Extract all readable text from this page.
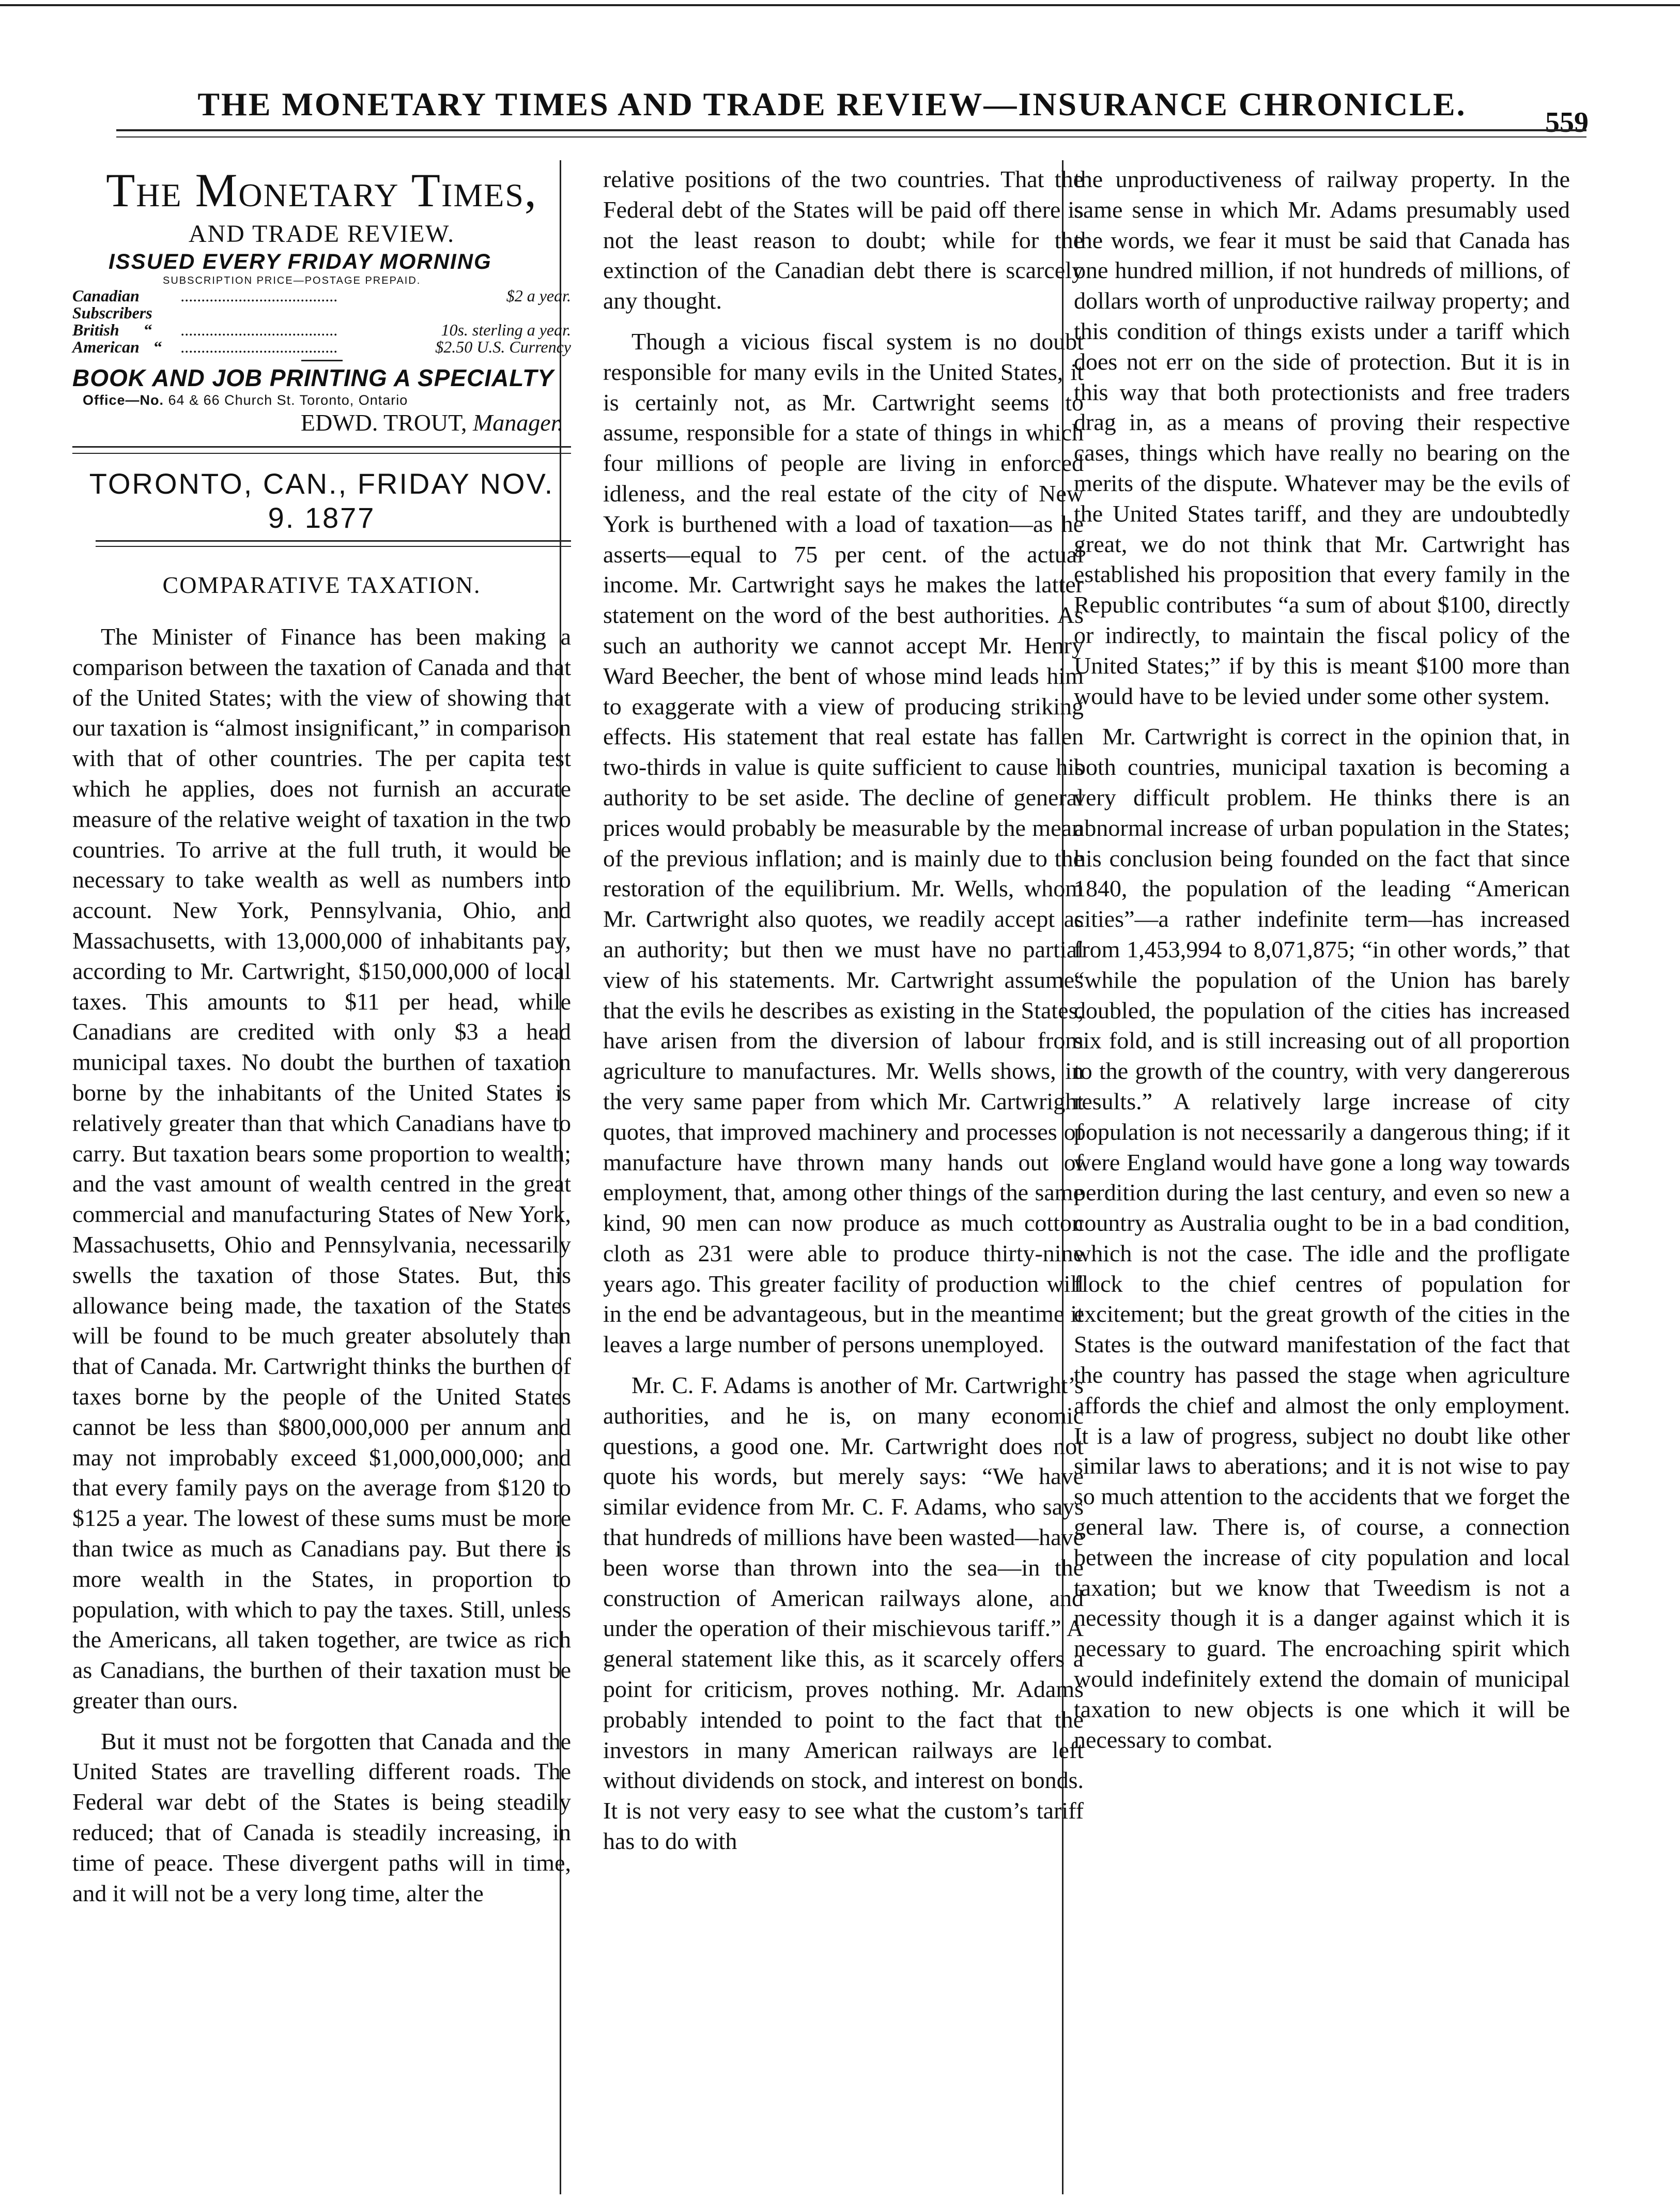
THE MONETARY TIMES AND TRADE REVIEW—INSURANCE CHRONICLE.	559
The Monetary Times,
AND TRADE REVIEW.
ISSUED EVERY FRIDAY MORNING
SUBSCRIPTION PRICE—POSTAGE PREPAID.
Canadian Subscribers
......................................	$2 a year.
British “	......................................	10s. sterling a year.
American “	......................................	$2.50 U.S. Currency
BOOK AND JOB PRINTING A SPECIALTY
Office—No. 64 & 66 Church St. Toronto, Ontario
EDWD. TROUT, Manager.
TORONTO, CAN., FRIDAY NOV. 9. 1877
COMPARATIVE TAXATION.

The Minister of Finance has been making a comparison between the taxation of Canada and that of the United States; with the view of showing that our taxation is “almost insignificant,” in comparison with that of other countries. The per capita test which he applies, does not furnish an accurate measure of the relative weight of taxation in the two countries. To arrive at the full truth, it would be necessary to take wealth as well as numbers into account. New York, Pennsylvania, Ohio, and Massachusetts, with 13,000,000 of inhabitants pay, according to Mr. Cartwright, $150,000,000 of local taxes. This amounts to $11 per head, while Canadians are credited with only $3 a head municipal taxes. No doubt the burthen of taxation borne by the inhabitants of the United States is relatively greater than that which Canadians have to carry. But taxation bears some proportion to wealth; and the vast amount of wealth centred in the great commercial and manufacturing States of New York, Massachusetts, Ohio and Pennsylvania, necessarily swells the taxation of those States. But, this allowance being made, the taxation of the States will be found to be much greater absolutely than that of Canada. Mr. Cartwright thinks the burthen of taxes borne by the people of the United States cannot be less than $800,000,000 per annum and may not improbably exceed $1,000,000,000; and that every family pays on the average from $120 to $125 a year. The lowest of these sums must be more than twice as much as Canadians pay. But there is more wealth in the States, in proportion to population, with which to pay the taxes. Still, unless the Americans, all taken together, are twice as rich as Canadians, the burthen of their taxation must be greater than ours.

But it must not be forgotten that Canada and the United States are travelling different roads. The Federal war debt of the States is being steadily reduced; that of Canada is steadily increasing, in time of peace. These divergent paths will in time, and it will not be a very long time, alter the

relative positions of the two countries. That the Federal debt of the States will be paid off there is not the least reason to doubt; while for the extinction of the Canadian debt there is scarcely any thought.

Though a vicious fiscal system is no doubt responsible for many evils in the United States, it is certainly not, as Mr. Cartwright seems to assume, responsible for a state of things in which four millions of people are living in enforced idleness, and the real estate of the city of New York is burthened with a load of taxation—as he asserts—equal to 75 per cent. of the actual income. Mr. Cartwright says he makes the latter statement on the word of the best authorities. As such an authority we cannot accept Mr. Henry Ward Beecher, the bent of whose mind leads him to exaggerate with a view of producing striking effects. His statement that real estate has fallen two-thirds in value is quite sufficient to cause his authority to be set aside. The decline of general prices would probably be measurable by the mean of the previous inflation; and is mainly due to the restoration of the equilibrium. Mr. Wells, whom Mr. Cartwright also quotes, we readily accept as an authority; but then we must have no partial view of his statements. Mr. Cartwright assumes that the evils he describes as existing in the States, have arisen from the diversion of labour from agriculture to manufactures. Mr. Wells shows, in the very same paper from which Mr. Cartwright quotes, that improved machinery and processes of manufacture have thrown many hands out of employment, that, among other things of the same kind, 90 men can now produce as much cotton cloth as 231 were able to produce thirty-nine years ago. This greater facility of production will in the end be advantageous, but in the meantime it leaves a large number of persons unemployed.

Mr. C. F. Adams is another of Mr. Cartwright’s authorities, and he is, on many economic questions, a good one. Mr. Cartwright does not quote his words, but merely says: “We have similar evidence from Mr. C. F. Adams, who says that hundreds of millions have been wasted—have been worse than thrown into the sea—in the construction of American railways alone, and under the operation of their mischievous tariff.” A general statement like this, as it scarcely offers a point for criticism, proves nothing. Mr. Adams probably intended to point to the fact that the investors in many American railways are left without dividends on stock, and interest on bonds. It is not very easy to see what the custom’s tariff has to do with

the unproductiveness of railway property. In the same sense in which Mr. Adams presumably used the words, we fear it must be said that Canada has one hundred million, if not hundreds of millions, of dollars worth of unproductive railway property; and this condition of things exists under a tariff which does not err on the side of protection. But it is in this way that both protectionists and free traders drag in, as a means of proving their respective cases, things which have really no bearing on the merits of the dispute. Whatever may be the evils of the United States tariff, and they are undoubtedly great, we do not think that Mr. Cartwright has established his proposition that every family in the Republic contributes “a sum of about $100, directly or indirectly, to maintain the fiscal policy of the United States;” if by this is meant $100 more than would have to be levied under some other system.

Mr. Cartwright is correct in the opinion that, in both countries, municipal taxation is becoming a very difficult problem. He thinks there is an abnormal increase of urban population in the States; his conclusion being founded on the fact that since 1840, the population of the leading “American cities”—a rather indefinite term—has increased from 1,453,994 to 8,071,875; “in other words,” that “while the population of the Union has barely doubled, the population of the cities has increased six fold, and is still increasing out of all proportion to the growth of the country, with very dangererous results.” A relatively large increase of city population is not necessarily a dangerous thing; if it were England would have gone a long way towards perdition during the last century, and even so new a country as Australia ought to be in a bad condition, which is not the case. The idle and the profligate flock to the chief centres of population for excitement; but the great growth of the cities in the States is the outward manifestation of the fact that the country has passed the stage when agriculture affords the chief and almost the only employment. It is a law of progress, subject no doubt like other similar laws to aberations; and it is not wise to pay so much attention to the accidents that we forget the general law. There is, of course, a connection between the increase of city population and local taxation; but we know that Tweedism is not a necessity though it is a danger against which it is necessary to guard. The encroaching spirit which would indefinitely extend the domain of municipal taxation to new objects is one which it will be necessary to combat.
